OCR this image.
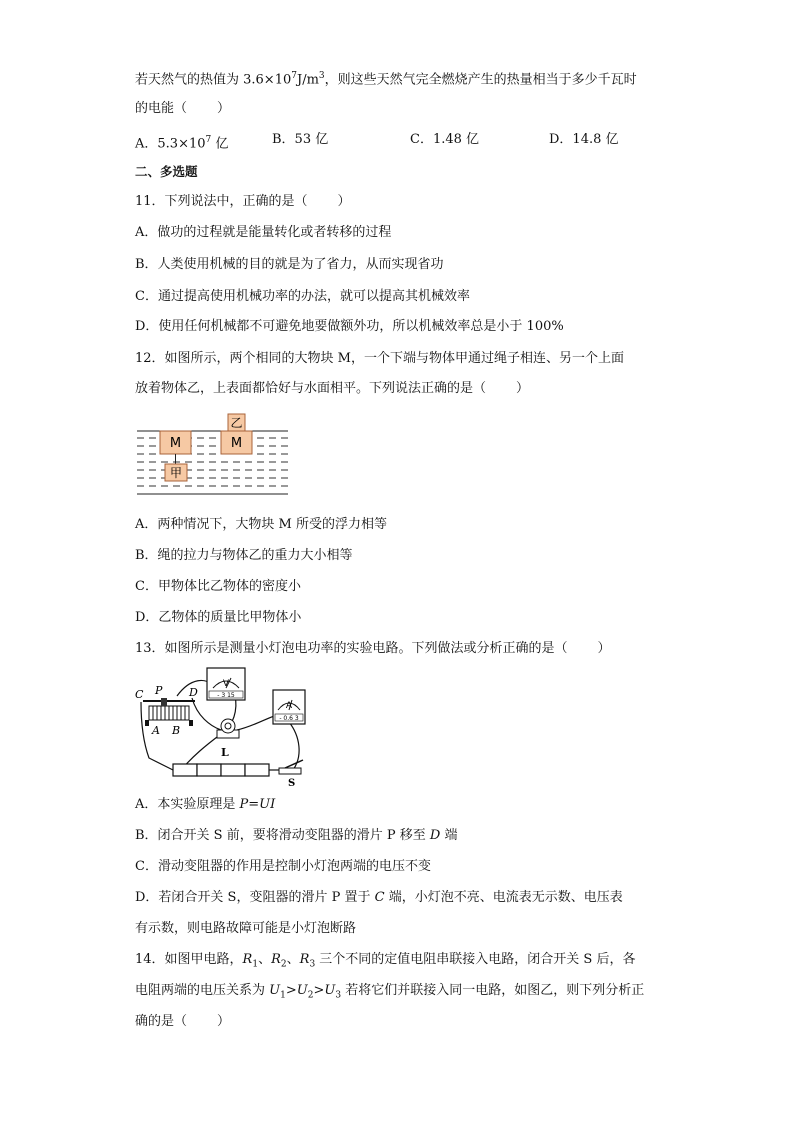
若天然气的热值为 $3.6\times 10^7J/m^3$，则这些天然气完全燃烧产生的热量相当于多少千瓦时
的电能（ ）
A．$5.3\times 10^7$ 亿	B．53 亿	C．1.48 亿	D．14.8 亿
二、多选题
11．下列说法中，正确的是（ ）
A．做功的过程就是能量转化或者转移的过程
B．人类使用机械的目的就是为了省力，从而实现省功
C．通过提高使用机械功率的办法，就可以提高其机械效率
D．使用任何机械都不可避免地要做额外功，所以机械效率总是小于 100%
12．如图所示，两个相同的大物块 M，一个下端与物体甲通过绳子相连、另一个上面
放着物体乙，上表面都恰好与水面相平。下列说法正确的是（ ）
M
甲
M
乙
A．两种情况下，大物块 M 所受的浮力相等
B．绳的拉力与物体乙的重力大小相等
C．甲物体比乙物体的密度小
D．乙物体的质量比甲物体小
13．如图所示是测量小灯泡电功率的实验电路。下列做法或分析正确的是（ ）
C P D
A B
L
S
V
A
- 3 15
- 0.6 3
A．本实验原理是 P=UI
B．闭合开关 S 前，要将滑动变阻器的滑片 P 移至 D 端
C．滑动变阻器的作用是控制小灯泡两端的电压不变
D．若闭合开关 S，变阻器的滑片 P 置于 C 端，小灯泡不亮、电流表无示数、电压表
有示数，则电路故障可能是小灯泡断路
14．如图甲电路，$R_1$、$R_2$、$R_3$ 三个不同的定值电阻串联接入电路，闭合开关 S 后，各
电阻两端的电压关系为 $U_1>U_2>U_3$ 若将它们并联接入同一电路，如图乙，则下列分析正
确的是（ ）
